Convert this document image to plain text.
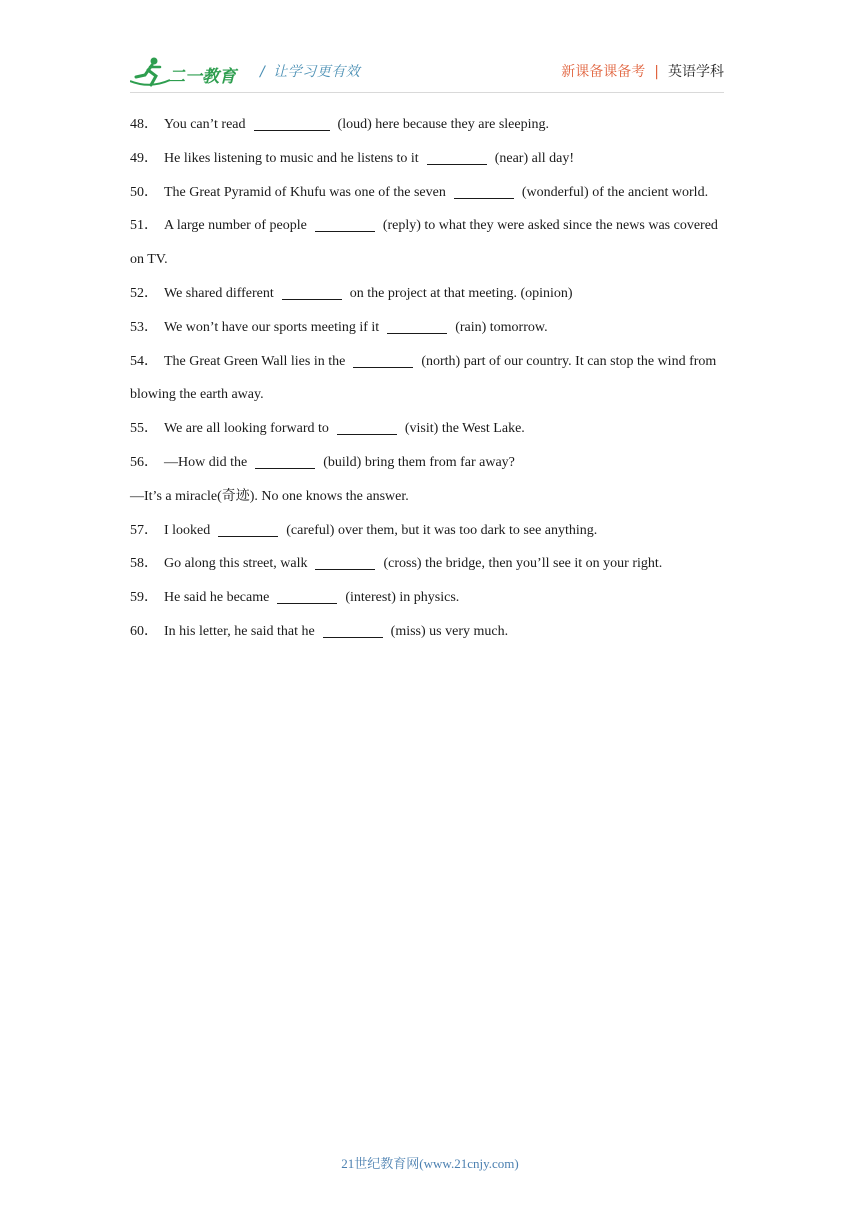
二一教育 / 让学习更有效	新课备课备考 | 英语学科

48． You can’t read	(loud) here because they are sleeping.

49． He likes listening to music and he listens to it	(near) all day!

50． The Great Pyramid of Khufu was one of the seven	(wonderful) of the ancient world.

51． A large number of people	(reply) to what they were asked since the news was covered on TV.

52． We shared different	on the project at that meeting. (opinion)

53． We won’t have our sports meeting if it	(rain) tomorrow.

54． The Great Green Wall lies in the	(north) part of our country. It can stop the wind from blowing the earth away.

55． We are all looking forward to	(visit) the West Lake.

56． —How did the	(build) bring them from far away?

—It’s a miracle(奇迹). No one knows the answer.

57． I looked	(careful) over them, but it was too dark to see anything.

58． Go along this street, walk	(cross) the bridge, then you’ll see it on your right.

59． He said he became	(interest) in physics.

60． In his letter, he said that he	(miss) us very much.

21世纪教育网(www.21cnjy.com)
